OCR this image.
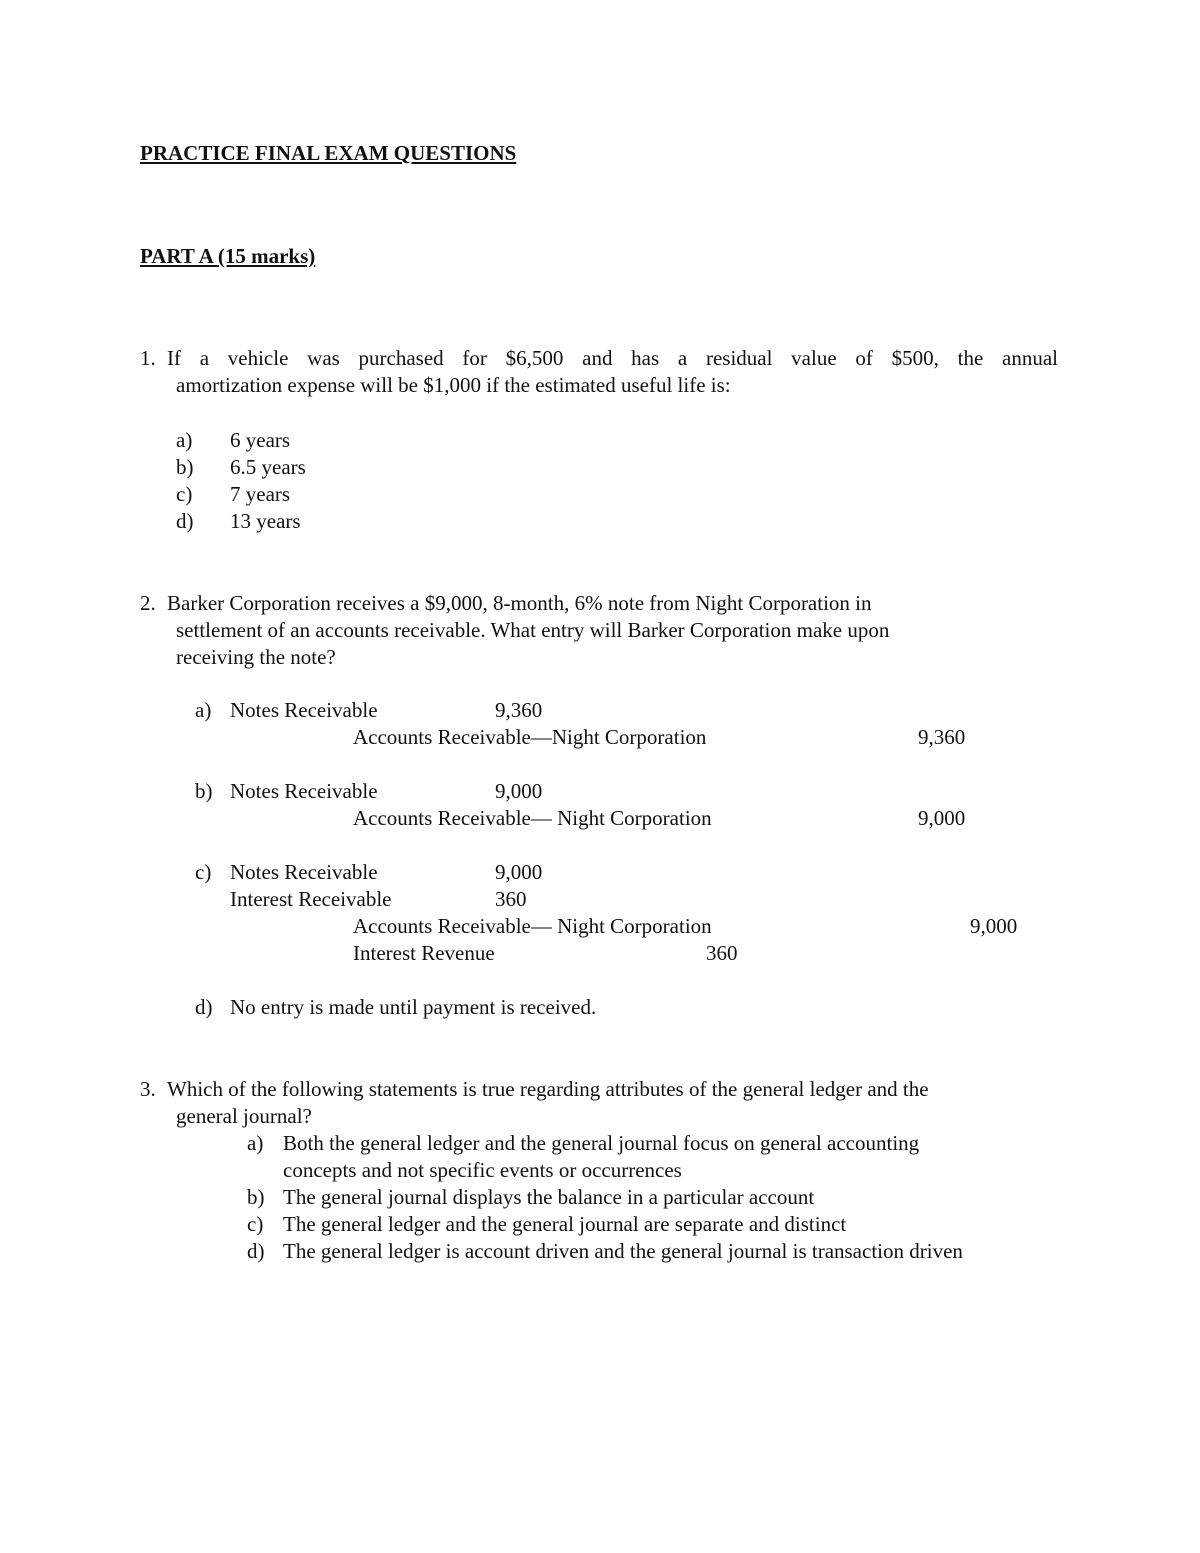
PRACTICE FINAL EXAM QUESTIONS
PART A (15 marks)
1. If a vehicle was purchased for $6,500 and has a residual value of $500, the annual
amortization expense will be $1,000 if the estimated useful life is:
a) 6 years
b) 6.5 years
c) 7 years
d) 13 years
2. Barker Corporation receives a $9,000, 8-month, 6% note from Night Corporation in
settlement of an accounts receivable. What entry will Barker Corporation make upon
receiving the note?
a) Notes Receivable	9,360
Accounts Receivable—Night Corporation	9,360
b) Notes Receivable	9,000
Accounts Receivable— Night Corporation	9,000
c) Notes Receivable	9,000
Interest Receivable	360
Accounts Receivable— Night Corporation	9,000
Interest Revenue	360
d) No entry is made until payment is received.
3. Which of the following statements is true regarding attributes of the general ledger and the
general journal?
a) Both the general ledger and the general journal focus on general accounting
concepts and not specific events or occurrences
b) The general journal displays the balance in a particular account
c) The general ledger and the general journal are separate and distinct
d) The general ledger is account driven and the general journal is transaction driven
